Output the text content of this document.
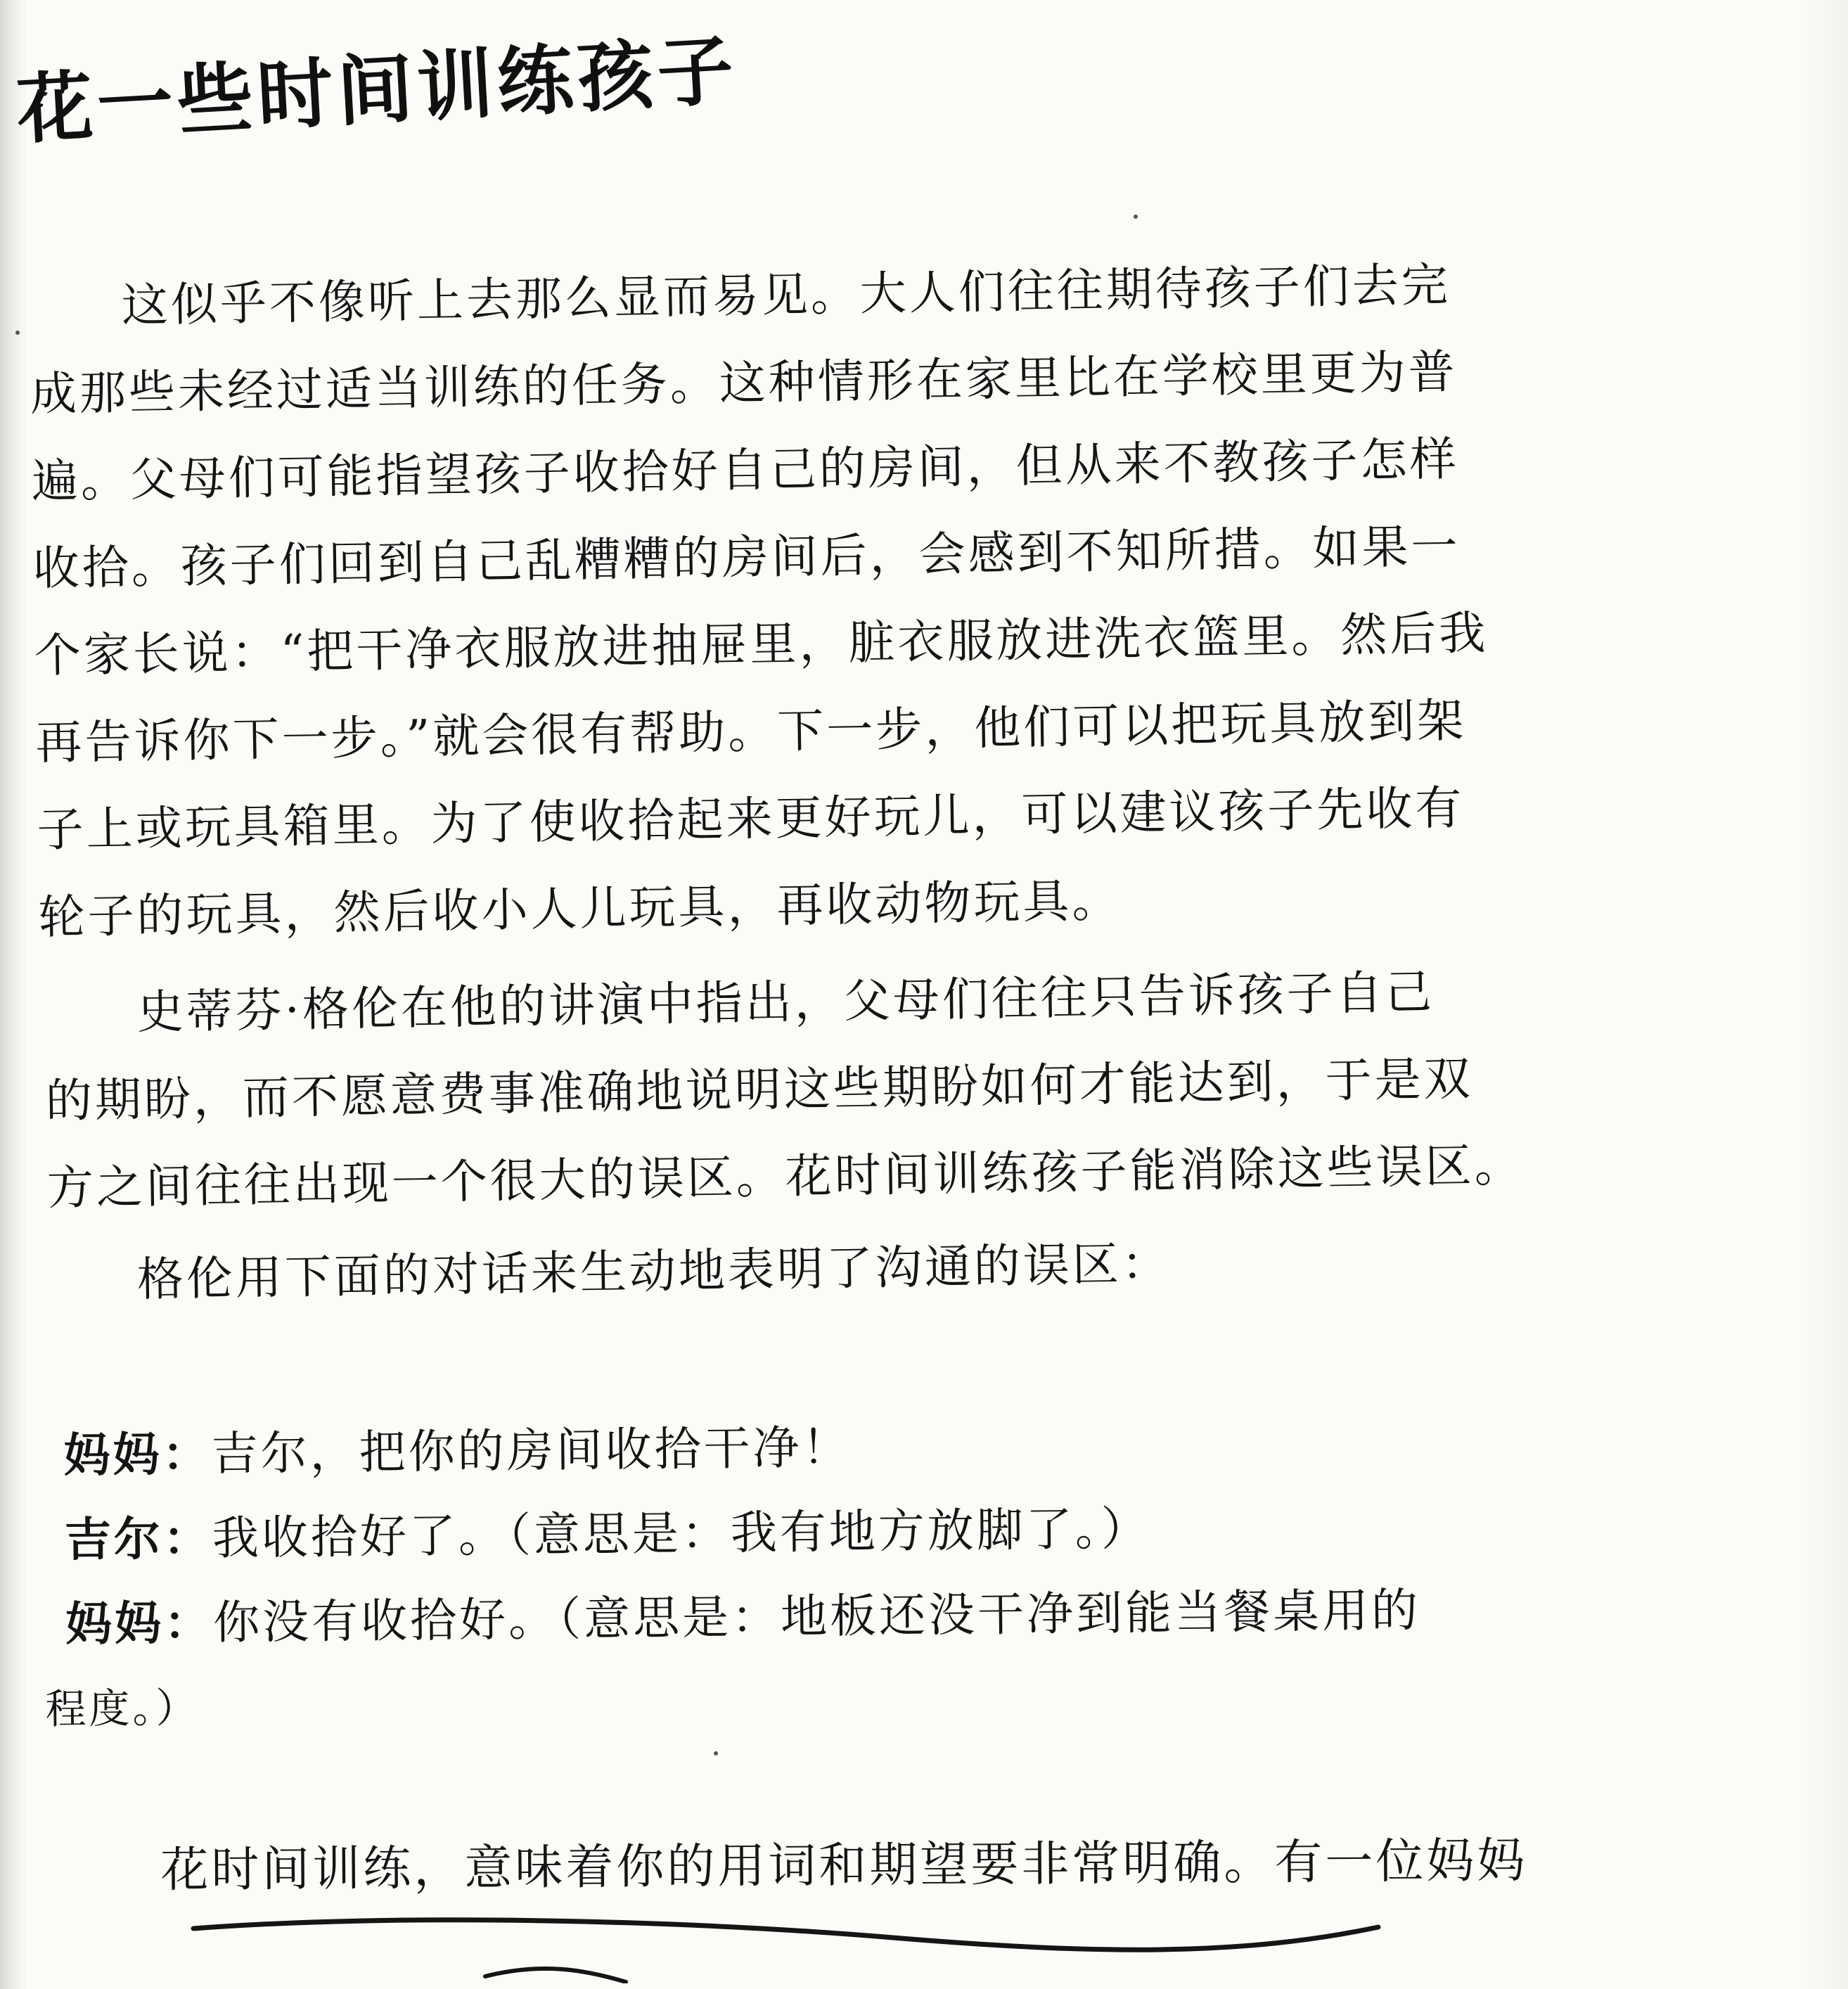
花一些时间训练孩子
这似乎不像听上去那么显而易见。大人们往往期待孩子们去完
成那些未经过适当训练的任务。这种情形在家里比在学校里更为普
遍。父母们可能指望孩子收拾好自己的房间，但从来不教孩子怎样
收拾。孩子们回到自己乱糟糟的房间后，会感到不知所措。如果一
个家长说：“把干净衣服放进抽屉里，脏衣服放进洗衣篮里。然后我
再告诉你下一步。”就会很有帮助。下一步，他们可以把玩具放到架
子上或玩具箱里。为了使收拾起来更好玩儿，可以建议孩子先收有
轮子的玩具，然后收小人儿玩具，再收动物玩具。
史蒂芬·格伦在他的讲演中指出，父母们往往只告诉孩子自己
的期盼，而不愿意费事准确地说明这些期盼如何才能达到，于是双
方之间往往出现一个很大的误区。花时间训练孩子能消除这些误区。
格伦用下面的对话来生动地表明了沟通的误区：
妈妈：吉尔，把你的房间收拾干净！
吉尔：我收拾好了。（意思是：我有地方放脚了。）
妈妈：你没有收拾好。（意思是：地板还没干净到能当餐桌用的
程度。）
花时间训练，意味着你的用词和期望要非常明确。有一位妈妈
